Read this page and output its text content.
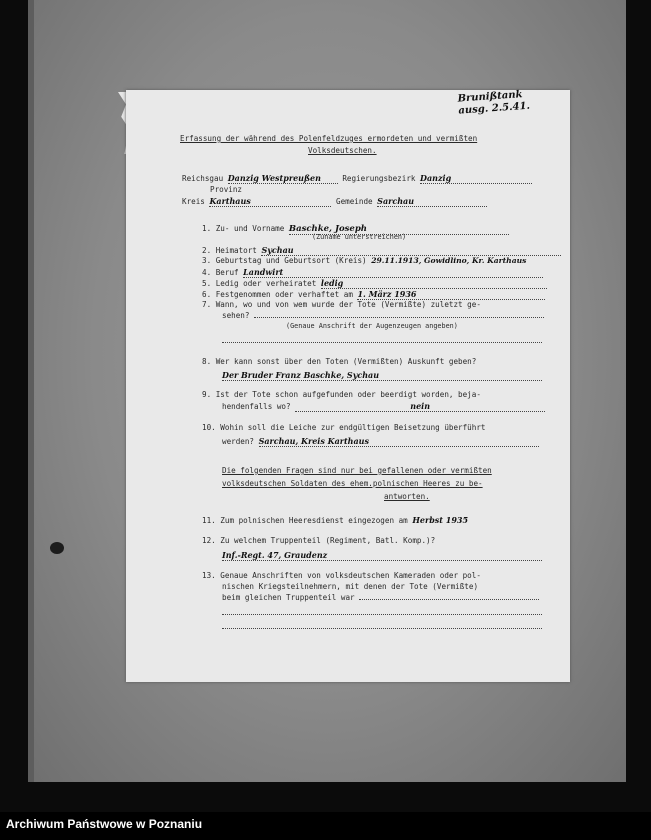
Erfassung der während des Polenfeldzuges ermordeten und vermißten
Volksdeutschen.
Reichsgau Danzig Westpreußen	Regierungsbezirk Danzig
Provinz
Kreis Karthaus	Gemeinde Sarchau
1. Zu- und Vorname Baschke, Joseph
(Zuname unterstreichen)
2. Heimatort Sychau
3. Geburtstag und Geburtsort (Kreis) 29.11.1913, Gowidlino, Kr. Karthaus
4. Beruf Landwirt
5. Ledig oder verheiratet ledig
6. Festgenommen oder verhaftet am 1. März 1936
7. Wann, wo und von wem wurde der Tote (Vermißte) zuletzt ge-
sehen?
(Genaue Anschrift der Augenzeugen angeben)
8. Wer kann sonst über den Toten (Vermißten) Auskunft geben?
Der Bruder Franz Baschke, Sychau
9. Ist der Tote schon aufgefunden oder beerdigt worden, beja-
hendenfalls wo?	nein
10. Wohin soll die Leiche zur endgültigen Beisetzung überführt
werden? Sarchau, Kreis Karthaus
Die folgenden Fragen sind nur bei gefallenen oder vermißten
volksdeutschen Soldaten des ehem.polnischen Heeres zu be-
antworten.
11. Zum polnischen Heeresdienst eingezogen am Herbst 1935
12. Zu welchem Truppenteil (Regiment, Batl. Komp.)?
Inf.-Regt. 47, Graudenz
13. Genaue Anschriften von volksdeutschen Kameraden oder pol-
nischen Kriegsteilnehmern, mit denen der Tote (Vermißte)
beim gleichen Truppenteil war
Brunißtank
ausg. 2.5.41.
Archiwum Państwowe w Poznaniu
